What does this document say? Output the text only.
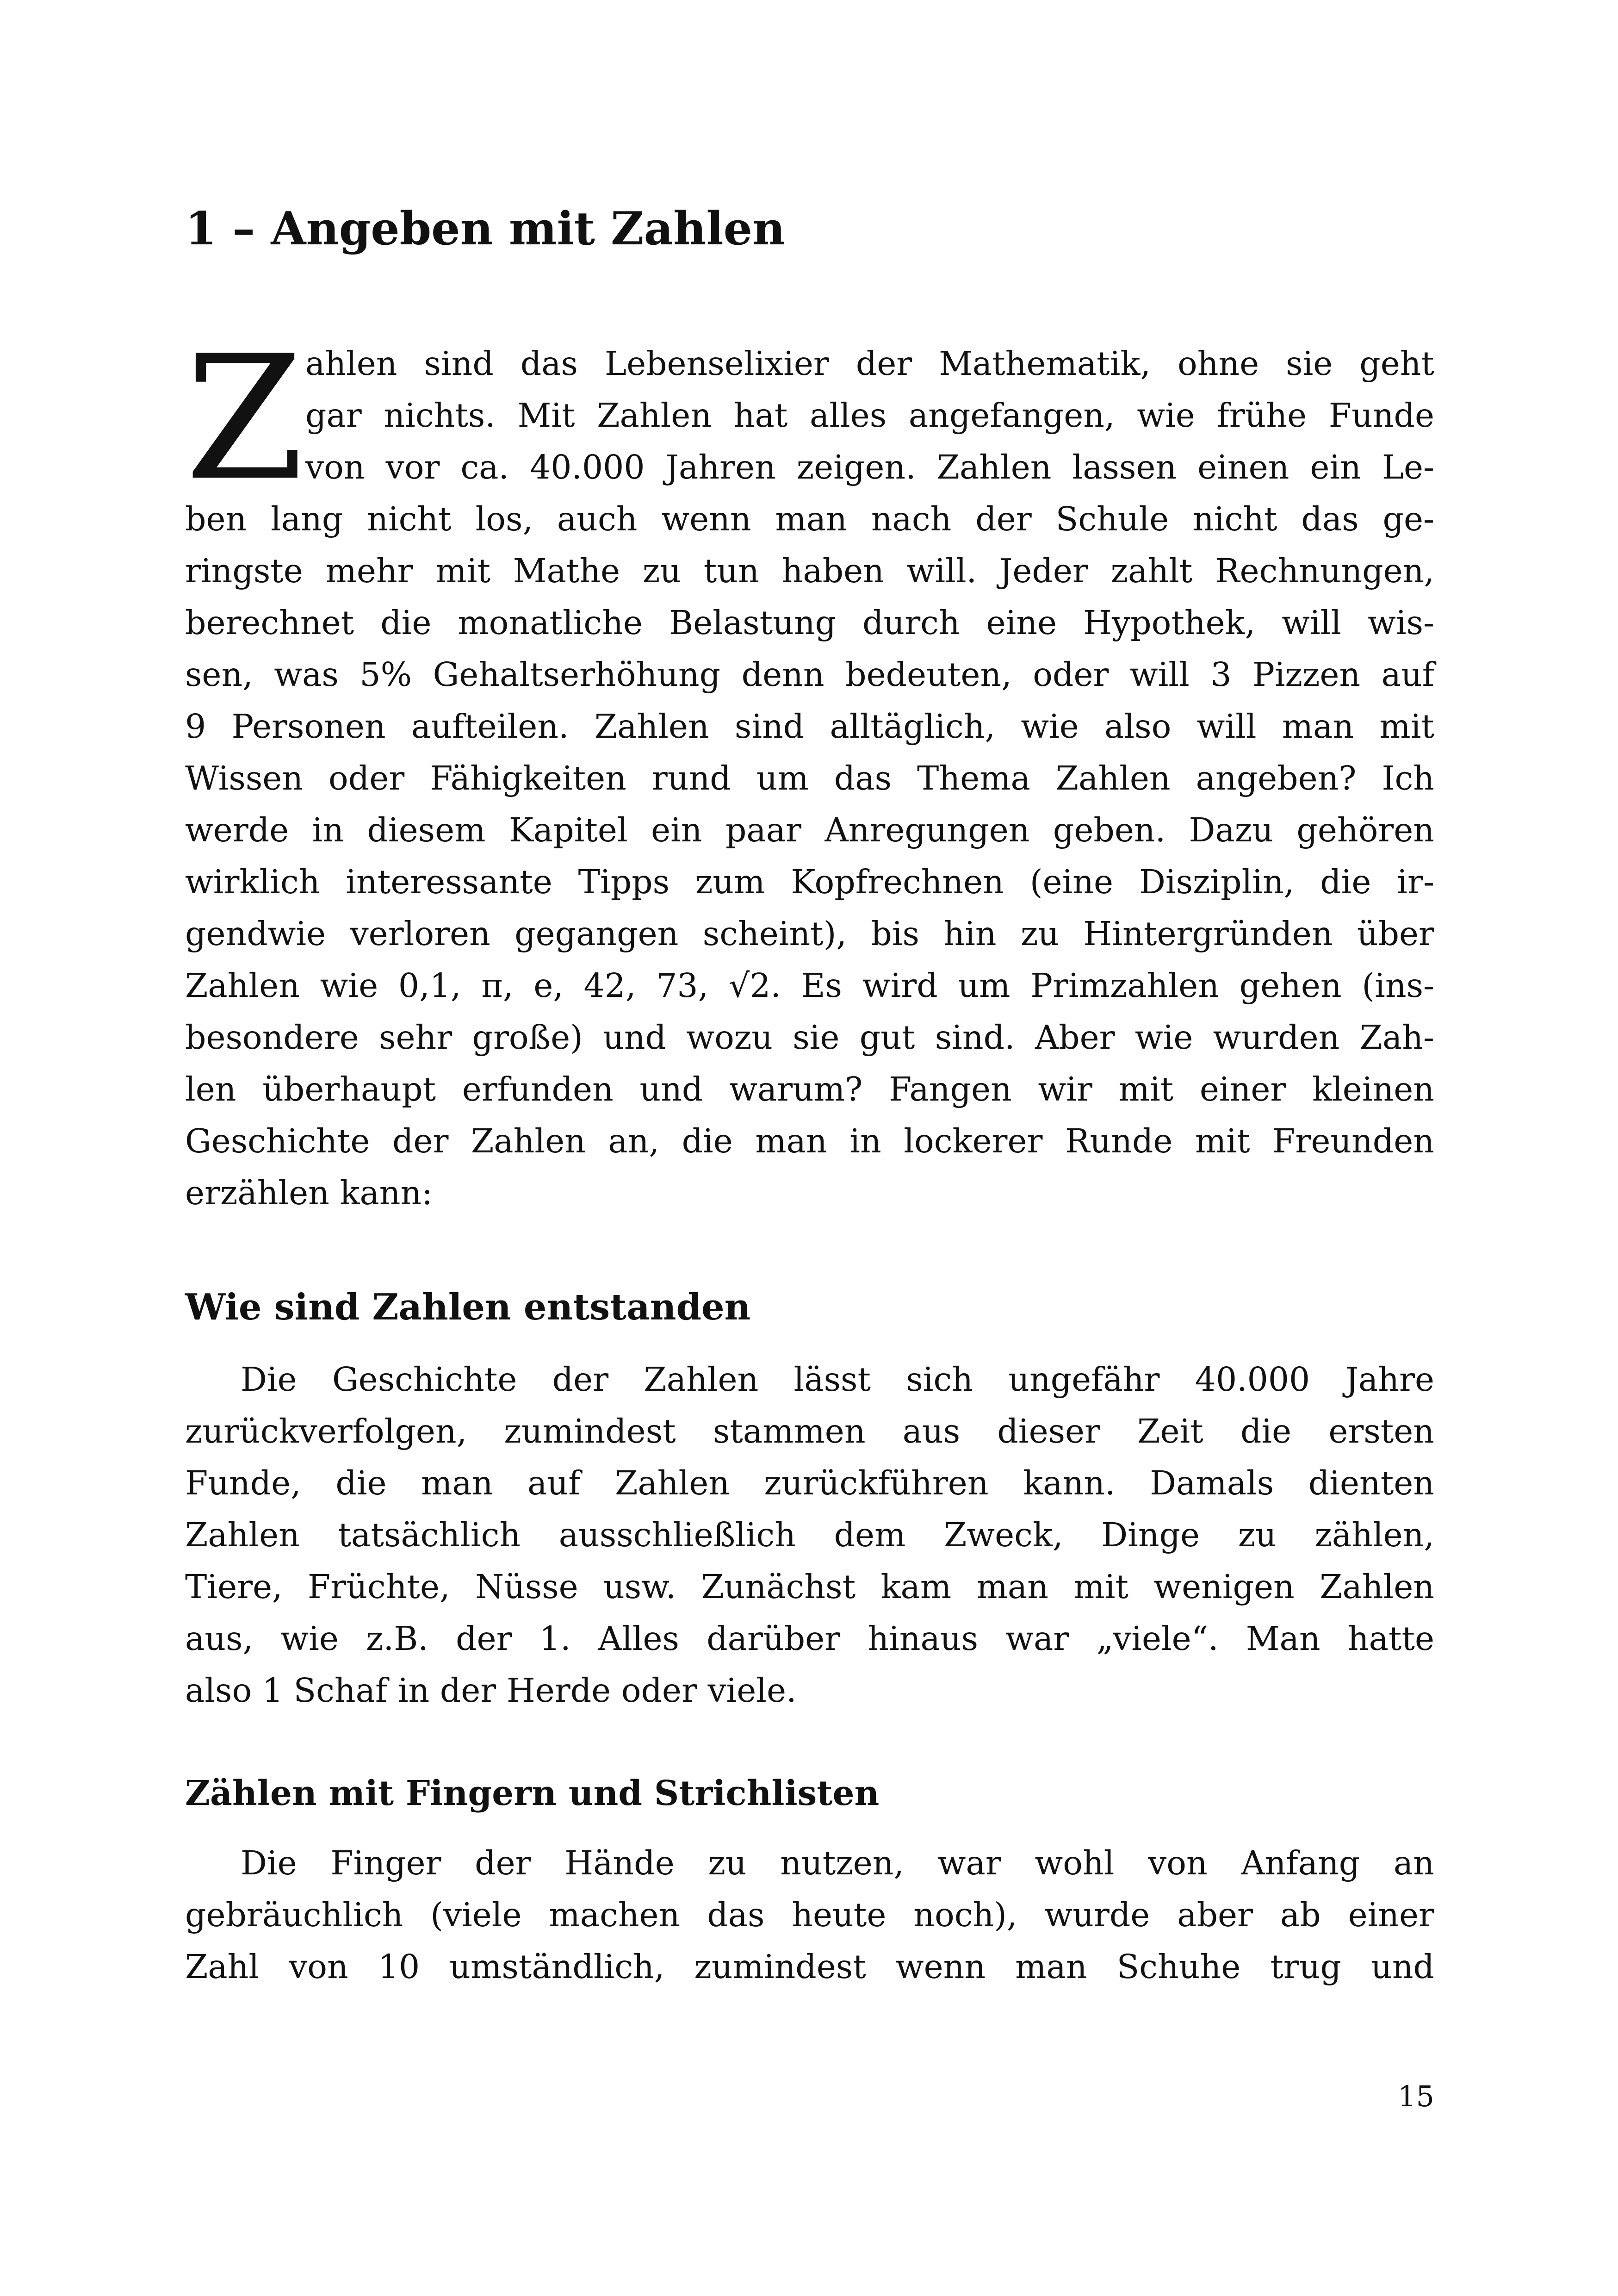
1 – Angeben mit Zahlen
Z ahlen sind das Lebenselixier der Mathematik, ohne sie geht
gar nichts. Mit Zahlen hat alles angefangen, wie frühe Funde
von vor ca. 40.000 Jahren zeigen. Zahlen lassen einen ein Le-
ben lang nicht los, auch wenn man nach der Schule nicht das ge-
ringste mehr mit Mathe zu tun haben will. Jeder zahlt Rechnungen,
berechnet die monatliche Belastung durch eine Hypothek, will wis-
sen, was 5% Gehaltserhöhung denn bedeuten, oder will 3 Pizzen auf
9 Personen aufteilen. Zahlen sind alltäglich, wie also will man mit
Wissen oder Fähigkeiten rund um das Thema Zahlen angeben? Ich
werde in diesem Kapitel ein paar Anregungen geben. Dazu gehören
wirklich interessante Tipps zum Kopfrechnen (eine Disziplin, die ir-
gendwie verloren gegangen scheint), bis hin zu Hintergründen über
Zahlen wie 0,1, π, e, 42, 73, √2. Es wird um Primzahlen gehen (ins-
besondere sehr große) und wozu sie gut sind. Aber wie wurden Zah-
len überhaupt erfunden und warum? Fangen wir mit einer kleinen
Geschichte der Zahlen an, die man in lockerer Runde mit Freunden
erzählen kann:
Wie sind Zahlen entstanden
Die Geschichte der Zahlen lässt sich ungefähr 40.000 Jahre
zurückverfolgen, zumindest stammen aus dieser Zeit die ersten
Funde, die man auf Zahlen zurückführen kann. Damals dienten
Zahlen tatsächlich ausschließlich dem Zweck, Dinge zu zählen,
Tiere, Früchte, Nüsse usw. Zunächst kam man mit wenigen Zahlen
aus, wie z.B. der 1. Alles darüber hinaus war „viele“. Man hatte
also 1 Schaf in der Herde oder viele.
Zählen mit Fingern und Strichlisten
Die Finger der Hände zu nutzen, war wohl von Anfang an
gebräuchlich (viele machen das heute noch), wurde aber ab einer
Zahl von 10 umständlich, zumindest wenn man Schuhe trug und
15
